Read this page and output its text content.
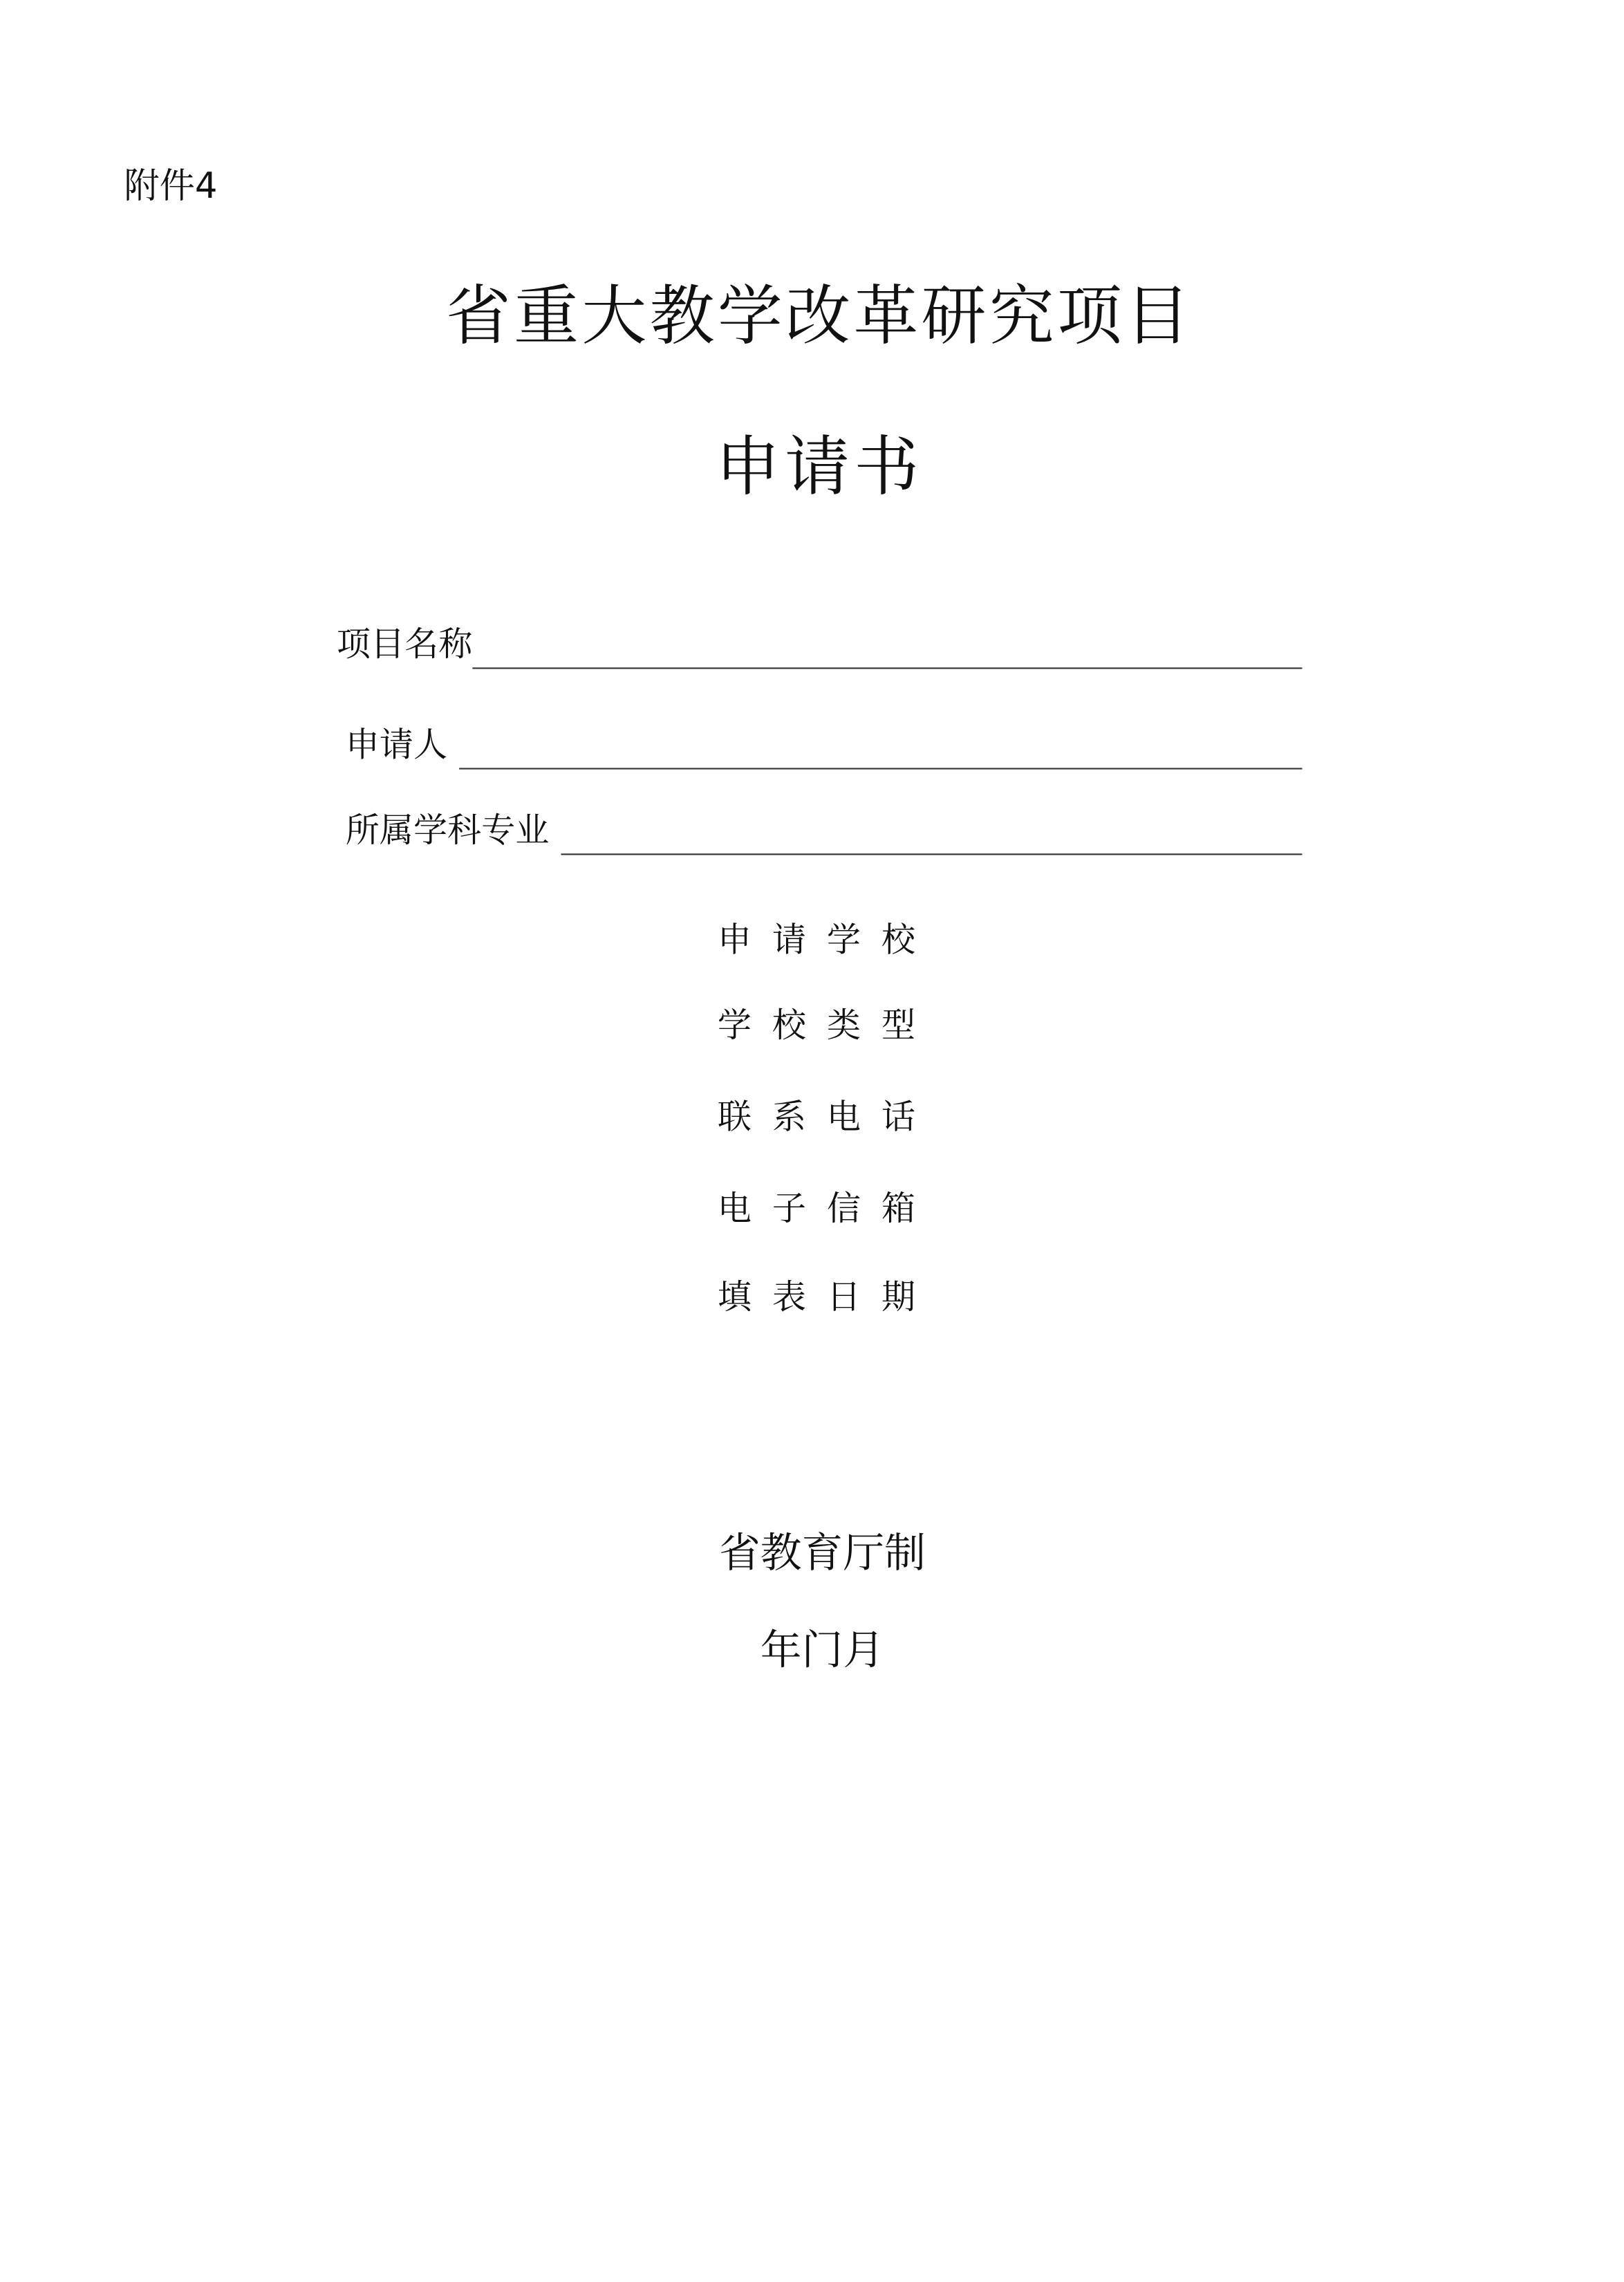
附件4
省重大教学改革研究项目
申请书
项目名称
申请人
所属学科专业
申请学校
学校类型
联系电话
电子信箱
填表日期
省教育厅制
年门月
